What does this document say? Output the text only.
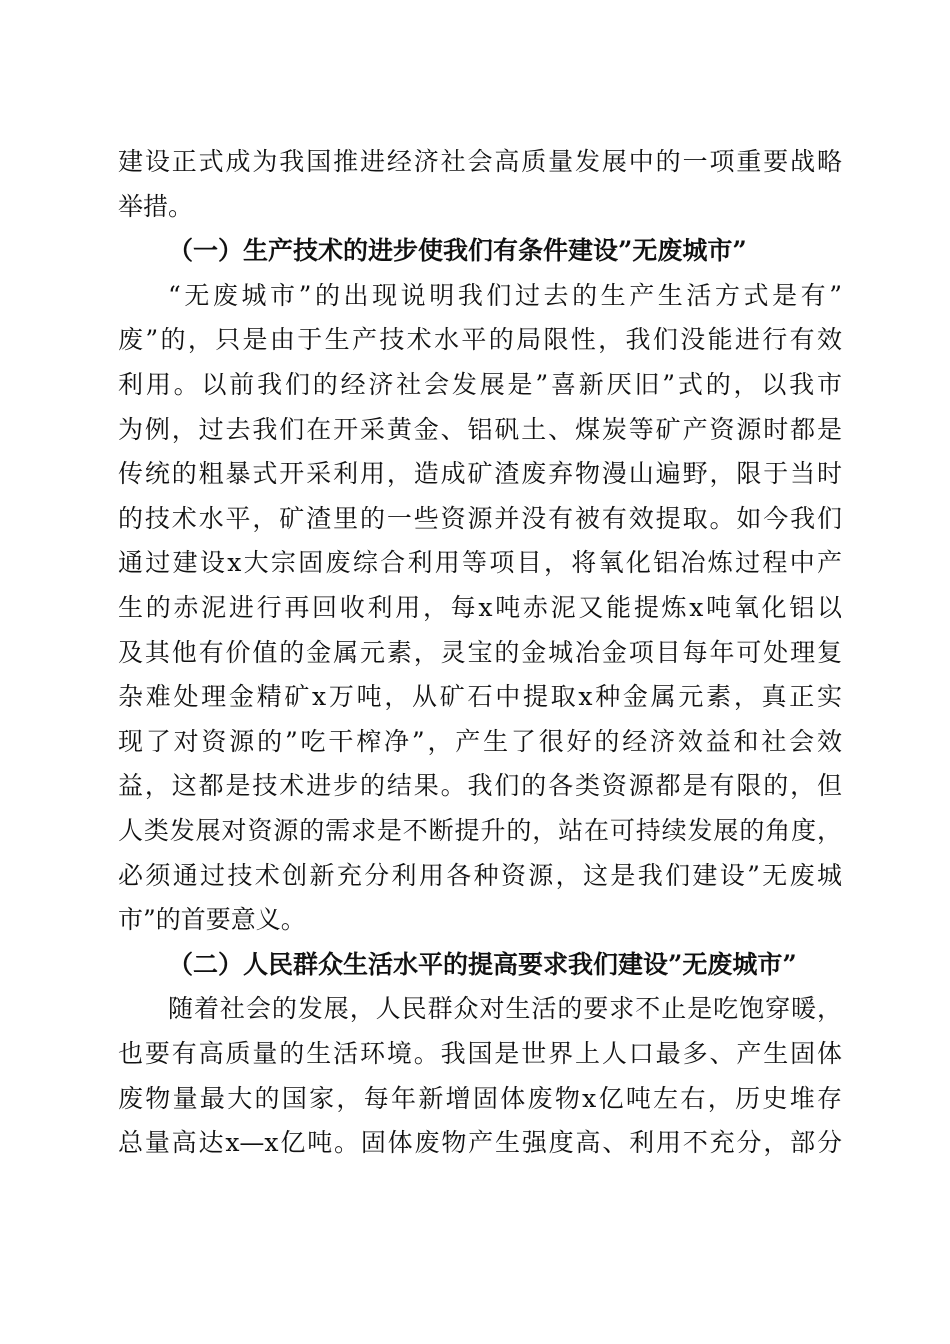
建设正式成为我国推进经济社会高质量发展中的一项重要战略
举措。
（一）生产技术的进步使我们有条件建设”无废城市”
“无废城市”的出现说明我们过去的生产生活方式是有”
废”的，只是由于生产技术水平的局限性，我们没能进行有效
利用。以前我们的经济社会发展是”喜新厌旧”式的，以我市
为例，过去我们在开采黄金、铝矾土、煤炭等矿产资源时都是
传统的粗暴式开采利用，造成矿渣废弃物漫山遍野，限于当时
的技术水平，矿渣里的一些资源并没有被有效提取。如今我们
通过建设x大宗固废综合利用等项目，将氧化铝冶炼过程中产
生的赤泥进行再回收利用，每x吨赤泥又能提炼x吨氧化铝以
及其他有价值的金属元素，灵宝的金城冶金项目每年可处理复
杂难处理金精矿x万吨，从矿石中提取x种金属元素，真正实
现了对资源的”吃干榨净”，产生了很好的经济效益和社会效
益，这都是技术进步的结果。我们的各类资源都是有限的，但
人类发展对资源的需求是不断提升的，站在可持续发展的角度，
必须通过技术创新充分利用各种资源，这是我们建设”无废城
市”的首要意义。
（二）人民群众生活水平的提高要求我们建设”无废城市”
随着社会的发展，人民群众对生活的要求不止是吃饱穿暖，
也要有高质量的生活环境。我国是世界上人口最多、产生固体
废物量最大的国家，每年新增固体废物x亿吨左右，历史堆存
总量高达x—x亿吨。固体废物产生强度高、利用不充分，部分
